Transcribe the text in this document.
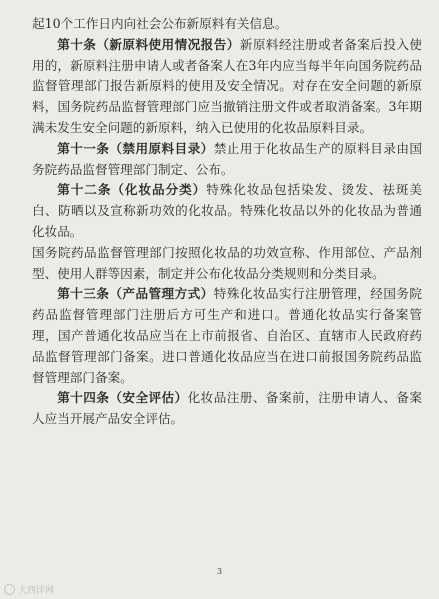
起10个工作日内向社会公布新原料有关信息。

第十条（新原料使用情况报告）新原料经注册或者备案后投入使用的，新原料注册申请人或者备案人在3年内应当每半年向国务院药品监督管理部门报告新原料的使用及安全情况。对存在安全问题的新原料，国务院药品监督管理部门应当撤销注册文件或者取消备案。3年期满未发生安全问题的新原料，纳入已使用的化妆品原料目录。

第十一条（禁用原料目录）禁止用于化妆品生产的原料目录由国务院药品监督管理部门制定、公布。

第十二条（化妆品分类）特殊化妆品包括染发、烫发、祛斑美白、防晒以及宣称新功效的化妆品。特殊化妆品以外的化妆品为普通化妆品。

国务院药品监督管理部门按照化妆品的功效宣称、作用部位、产品剂型、使用人群等因素，制定并公布化妆品分类规则和分类目录。

第十三条（产品管理方式）特殊化妆品实行注册管理，经国务院药品监督管理部门注册后方可生产和进口。普通化妆品实行备案管理，国产普通化妆品应当在上市前报省、自治区、直辖市人民政府药品监督管理部门备案。进口普通化妆品应当在进口前报国务院药品监督管理部门备案。

第十四条（安全评估）化妆品注册、备案前，注册申请人、备案人应当开展产品安全评估。

3
大西洋网
